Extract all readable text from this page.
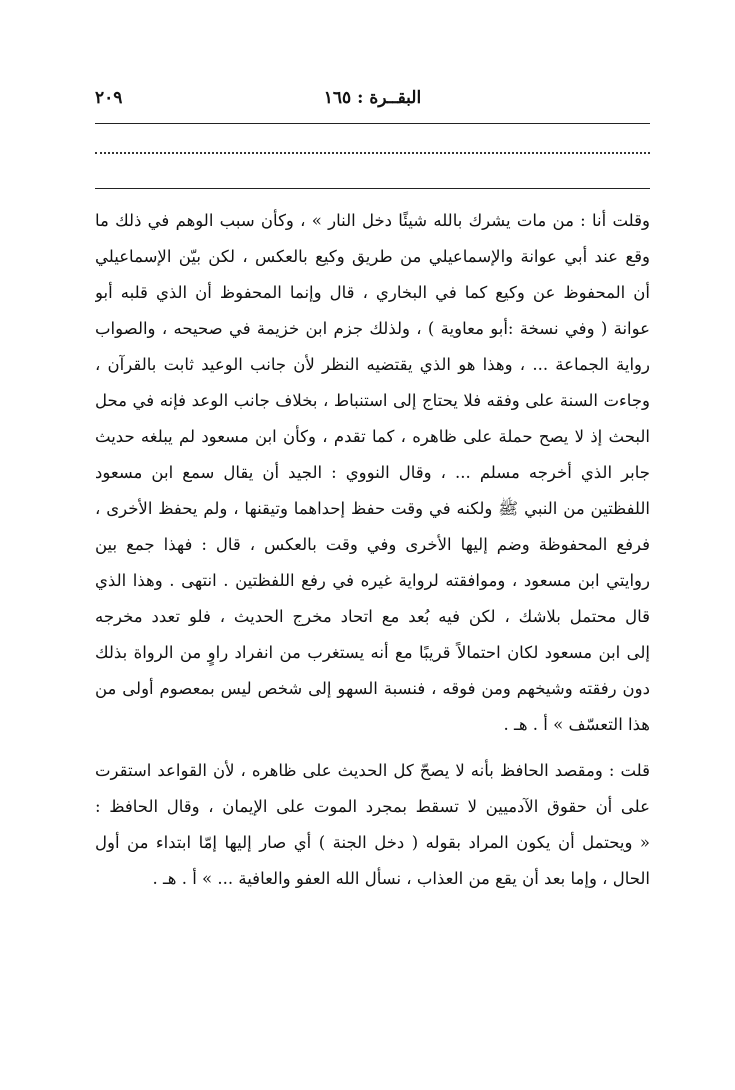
البقــرة : ١٦٥
٢٠٩

وقلت أنا : من مات يشرك بالله شيئًا دخل النار » ، وكأن سبب الوهم في ذلك ما
وقع عند أبي عوانة والإسماعيلي من طريق وكيع بالعكس ، لكن بيّن الإسماعيلي
أن المحفوظ عن وكيع كما في البخاري ، قال وإنما المحفوظ أن الذي قلبه أبو
عوانة ( وفي نسخة :أبو معاوية ) ، ولذلك جزم ابن خزيمة في صحيحه ، والصواب
رواية الجماعة ... ، وهذا هو الذي يقتضيه النظر لأن جانب الوعيد ثابت بالقرآن ،
وجاءت السنة على وفقه فلا يحتاج إلى استنباط ، بخلاف جانب الوعد فإنه في محل
البحث إذ لا يصح حملة على ظاهره ، كما تقدم ، وكأن ابن مسعود لم يبلغه حديث
جابر الذي أخرجه مسلم ... ، وقال النووي : الجيد أن يقال سمع ابن مسعود
اللفظتين من النبي ﷺ ولكنه في وقت حفظ إحداهما وتيقنها ، ولم يحفظ الأخرى ،
فرفع المحفوظة وضم إليها الأخرى وفي وقت بالعكس ، قال : فهذا جمع بين
روايتي ابن مسعود ، وموافقته لرواية غيره في رفع اللفظتين . انتهى . وهذا الذي
قال محتمل بلاشك ، لكن فيه بُعد مع اتحاد مخرج الحديث ، فلو تعدد مخرجه
إلى ابن مسعود لكان احتمالاً قريبًا مع أنه يستغرب من انفراد راوٍ من الرواة بذلك
دون رفقته وشيخهم ومن فوقه ، فنسبة السهو إلى شخص ليس بمعصوم أولى من
هذا التعسّف » أ . هـ .

قلت : ومقصد الحافظ بأنه لا يصحّ كل الحديث على ظاهره ، لأن القواعد استقرت
على أن حقوق الآدميين لا تسقط بمجرد الموت على الإيمان ، وقال الحافظ :
« ويحتمل أن يكون المراد بقوله ( دخل الجنة ) أي صار إليها إمّا ابتداء من أول
الحال ، وإما بعد أن يقع من العذاب ، نسأل الله العفو والعافية ... » أ . هـ .
